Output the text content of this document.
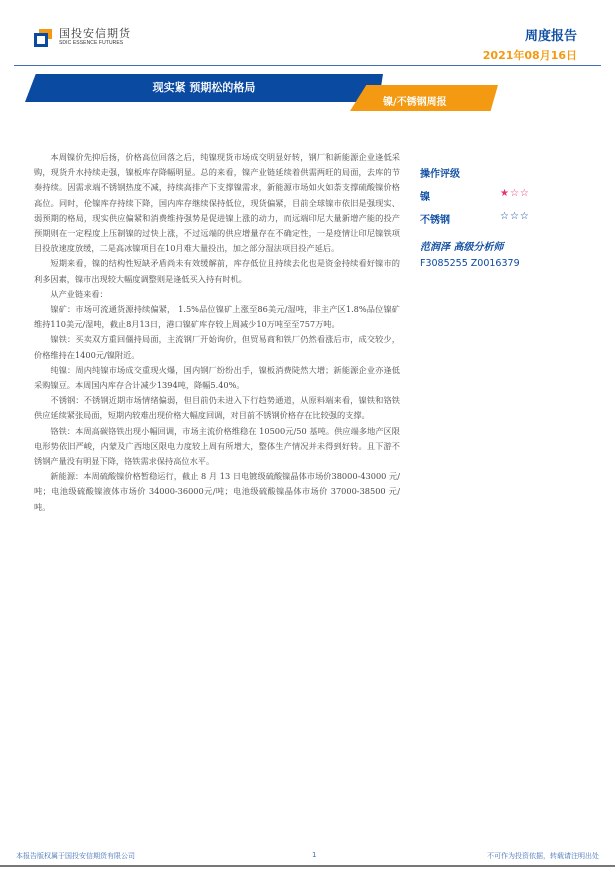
国投安信期货
SDIC ESSENCE FUTURES	周度报告
2021年08月16日
现实紧 预期松的格局
镍/不锈钢周报

本周镍价先抑后扬，价格高位回落之后，纯镍现货市场成交明显好转，钢厂和新能源企业逢低采购，现货升水持续走强，镍板库存降幅明显。总的来看，镍产业链延续着供需两旺的局面，去库的节奏持续。因需求端不锈钢热度不减，持续高排产下支撑镍需求，新能源市场如火如荼支撑硫酸镍价格高位。同时，伦镍库存持续下降，国内库存继续保持低位，现货偏紧，目前全球镍市依旧是强现实、弱预期的格局，现实供应偏紧和消费维持强势是促进镍上涨的动力，而远端印尼大量新增产能的投产预期则在一定程度上压制镍的过快上涨，不过远端的供应增量存在不确定性，一是疫情让印尼镍铁项目投放速度放缓，二是高冰镍项目在10月难大量投出，加之部分湿法项目投产延后。

短期来看，镍的结构性短缺矛盾尚未有效缓解前，库存低位且持续去化也是资金持续看好镍市的利多因素，镍市出现较大幅度调整则是逢低买入持有时机。

从产业链来看：

镍矿：市场可流通货源持续偏紧， 1.5%品位镍矿上涨至86美元/湿吨，非主产区1.8%品位镍矿维持110美元/湿吨，截止8月13日，港口镍矿库存较上周减少10万吨至至757万吨。

镍铁：买卖双方重回僵持局面，主流钢厂开始询价，但贸易商和铁厂仍然看涨后市，成交较少，价格维持在1400元/镍附近。

纯镍：周内纯镍市场成交重现火爆，国内钢厂纷纷出手，镍板消费陡然大增；新能源企业亦逢低采购镍豆。本周国内库存合计减少1394吨，降幅5.40%。

不锈钢：不锈钢近期市场情绪偏弱，但目前仍未进入下行趋势通道，从原料端来看，镍铁和铬铁供应延续紧张局面，短期内较难出现价格大幅度回调，对目前不锈钢价格存在比较强的支撑。

铬铁：本周高碳铬铁出现小幅回调，市场主流价格维稳在 10500元/50 基吨。供应端多地产区限电形势依旧严峻，内蒙及广西地区限电力度较上周有所增大，整体生产情况并未得到好转。且下游不锈钢产量没有明显下降，铬铁需求保持高位水平。

新能源：本周硫酸镍价格暂稳运行，截止 8 月 13 日电镀级硫酸镍晶体市场价38000-43000 元/吨；电池级硫酸镍液体市场价 34000-36000元/吨；电池级硫酸镍晶体市场价 37000-38500 元/吨。

操作评级
镍	★☆☆
不锈钢	☆☆☆
范润泽 高级分析师
F3085255 Z0016379
本报告版权属于国投安信期货有限公司	1	不可作为投资依据，转载请注明出处
